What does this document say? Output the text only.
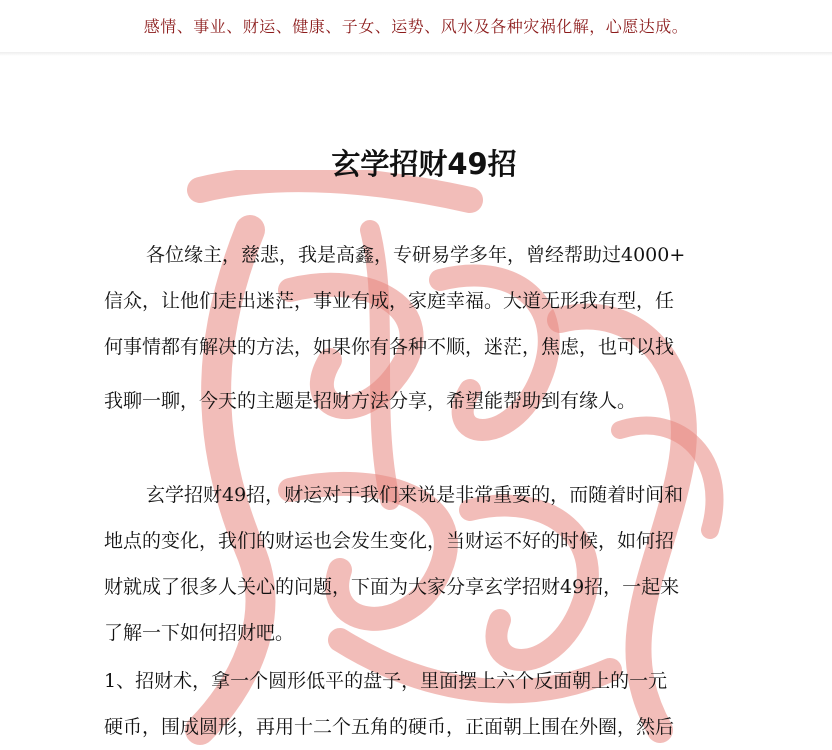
感情、事业、财运、健康、子女、运势、风水及各种灾祸化解，心愿达成。
玄学招财49招
各位缘主，慈悲，我是高鑫，专研易学多年，曾经帮助过4000+
信众，让他们走出迷茫，事业有成，家庭幸福。大道无形我有型，任
何事情都有解决的方法，如果你有各种不顺，迷茫，焦虑，也可以找
我聊一聊，今天的主题是招财方法分享，希望能帮助到有缘人。
玄学招财49招，财运对于我们来说是非常重要的，而随着时间和
地点的变化，我们的财运也会发生变化，当财运不好的时候，如何招
财就成了很多人关心的问题，下面为大家分享玄学招财49招，一起来
了解一下如何招财吧。
1、招财术，拿一个圆形低平的盘子，里面摆上六个反面朝上的一元
硬币，围成圆形，再用十二个五角的硬币，正面朝上围在外圈，然后
